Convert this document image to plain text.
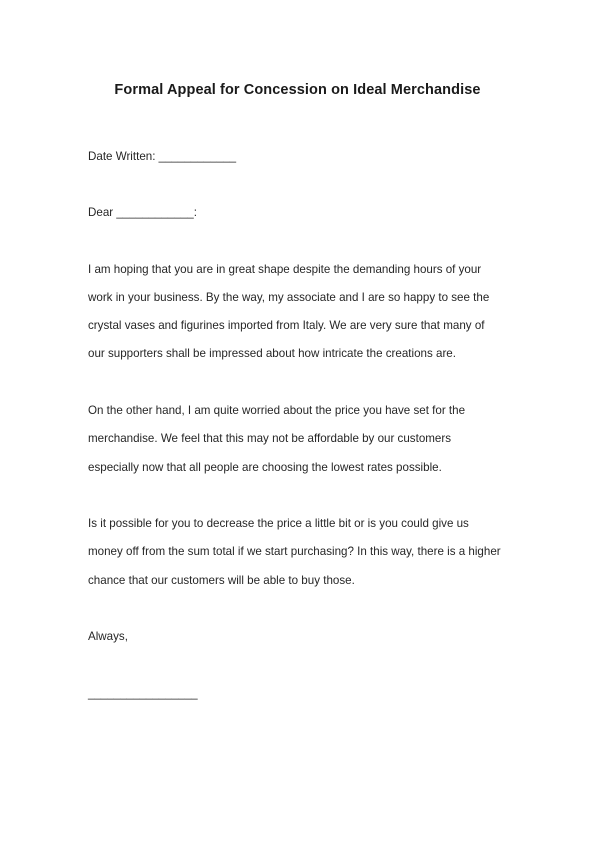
Formal Appeal for Concession on Ideal Merchandise
Date Written: ____________
Dear ____________:
I am hoping that you are in great shape despite the demanding hours of your
work in your business. By the way, my associate and I are so happy to see the
crystal vases and figurines imported from Italy. We are very sure that many of
our supporters shall be impressed about how intricate the creations are.
On the other hand, I am quite worried about the price you have set for the
merchandise. We feel that this may not be affordable by our customers
especially now that all people are choosing the lowest rates possible.
Is it possible for you to decrease the price a little bit or is you could give us
money off from the sum total if we start purchasing? In this way, there is a higher
chance that our customers will be able to buy those.
Always,
_________________
